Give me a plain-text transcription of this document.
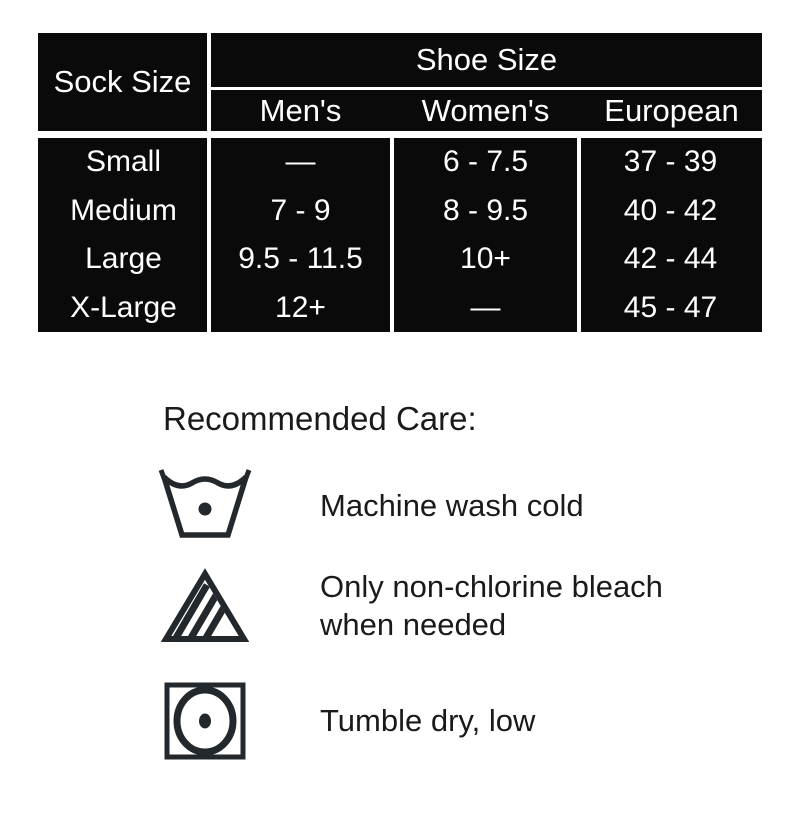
Sock Size
Shoe Size
Men's	Women's	European
Small	—	6 - 7.5	37 - 39
Medium	7 - 9	8 - 9.5	40 - 42
Large	9.5 - 11.5	10+	42 - 44
X-Large	12+	—	45 - 47
Recommended Care:
Machine wash cold
Only non-chlorine bleach when needed
Tumble dry, low
